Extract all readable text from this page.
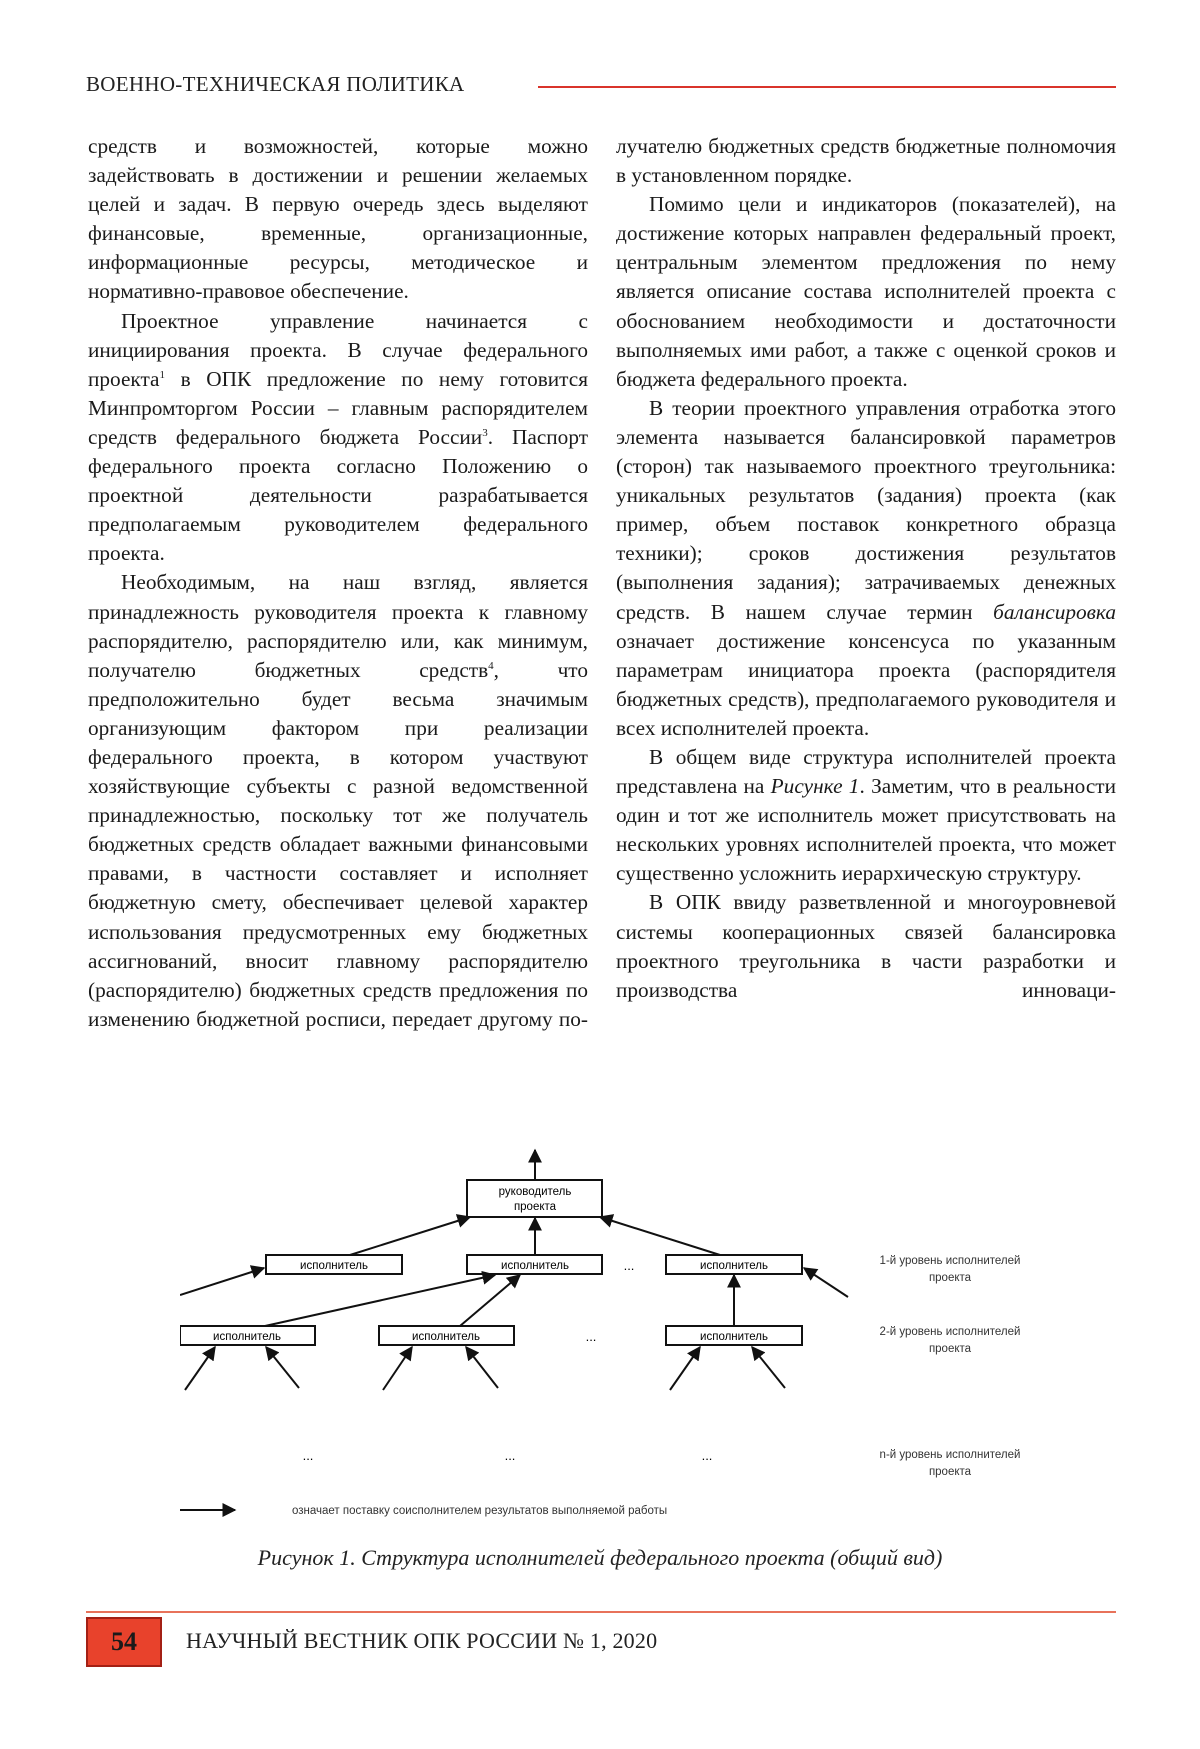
ВОЕННО-ТЕХНИЧЕСКАЯ ПОЛИТИКА

средств и возможностей, которые можно задействовать в достижении и решении желаемых целей и задач. В первую очередь здесь выделяют финансовые, временные, организационные, информационные ресурсы, методическое и нормативно-правовое обеспечение.

Проектное управление начинается с инициирования проекта. В случае федерального проекта$^1$ в ОПК предложение по нему готовится Минпромторгом России – главным распорядителем средств федерального бюджета России$^3$. Паспорт федерального проекта согласно Положению о проектной деятельности разрабатывается предполагаемым руководителем федерального проекта.

Необходимым, на наш взгляд, является принадлежность руководителя проекта к главному распорядителю, распорядителю или, как минимум, получателю бюджетных средств$^4$, что предположительно будет весьма значимым организующим фактором при реализации федерального проекта, в котором участвуют хозяйствующие субъекты с разной ведомственной принадлежностью, поскольку тот же получатель бюджетных средств обладает важными финансовыми правами, в частности составляет и исполняет бюджетную смету, обеспечивает целевой характер использования предусмотренных ему бюджетных ассигнований, вносит главному распорядителю (распорядителю) бюджетных средств предложения по изменению бюджетной росписи, передает другому по-

лучателю бюджетных средств бюджетные полномочия в установленном порядке.

Помимо цели и индикаторов (показателей), на достижение которых направлен федеральный проект, центральным элементом предложения по нему является описание состава исполнителей проекта с обоснованием необходимости и достаточности выполняемых ими работ, а также с оценкой сроков и бюджета федерального проекта.

В теории проектного управления отработка этого элемента называется балансировкой параметров (сторон) так называемого проектного треугольника: уникальных результатов (задания) проекта (как пример, объем поставок конкретного образца техники); сроков достижения результатов (выполнения задания); затрачиваемых денежных средств. В нашем случае термин балансировка означает достижение консенсуса по указанным параметрам инициатора проекта (распорядителя бюджетных средств), предполагаемого руководителя и всех исполнителей проекта.

В общем виде структура исполнителей проекта представлена на Рисунке 1. Заметим, что в реальности один и тот же исполнитель может присутствовать на нескольких уровнях исполнителей проекта, что может существенно усложнить иерархическую структуру.

В ОПК ввиду разветвленной и многоуровневой системы кооперационных связей балансировка проектного треугольника в части разработки и производства инноваци-

руководитель
проекта
исполнитель	исполнитель	...	исполнитель
исполнитель	исполнитель	...	исполнитель
1-й уровень исполнителей
проекта
2-й уровень исполнителей
проекта
...	...	...	n-й уровень исполнителей
проекта
означает поставку соисполнителем результатов выполняемой работы
Рисунок 1. Структура исполнителей федерального проекта (общий вид)
54	НАУЧНЫЙ ВЕСТНИК ОПК РОССИИ № 1, 2020
